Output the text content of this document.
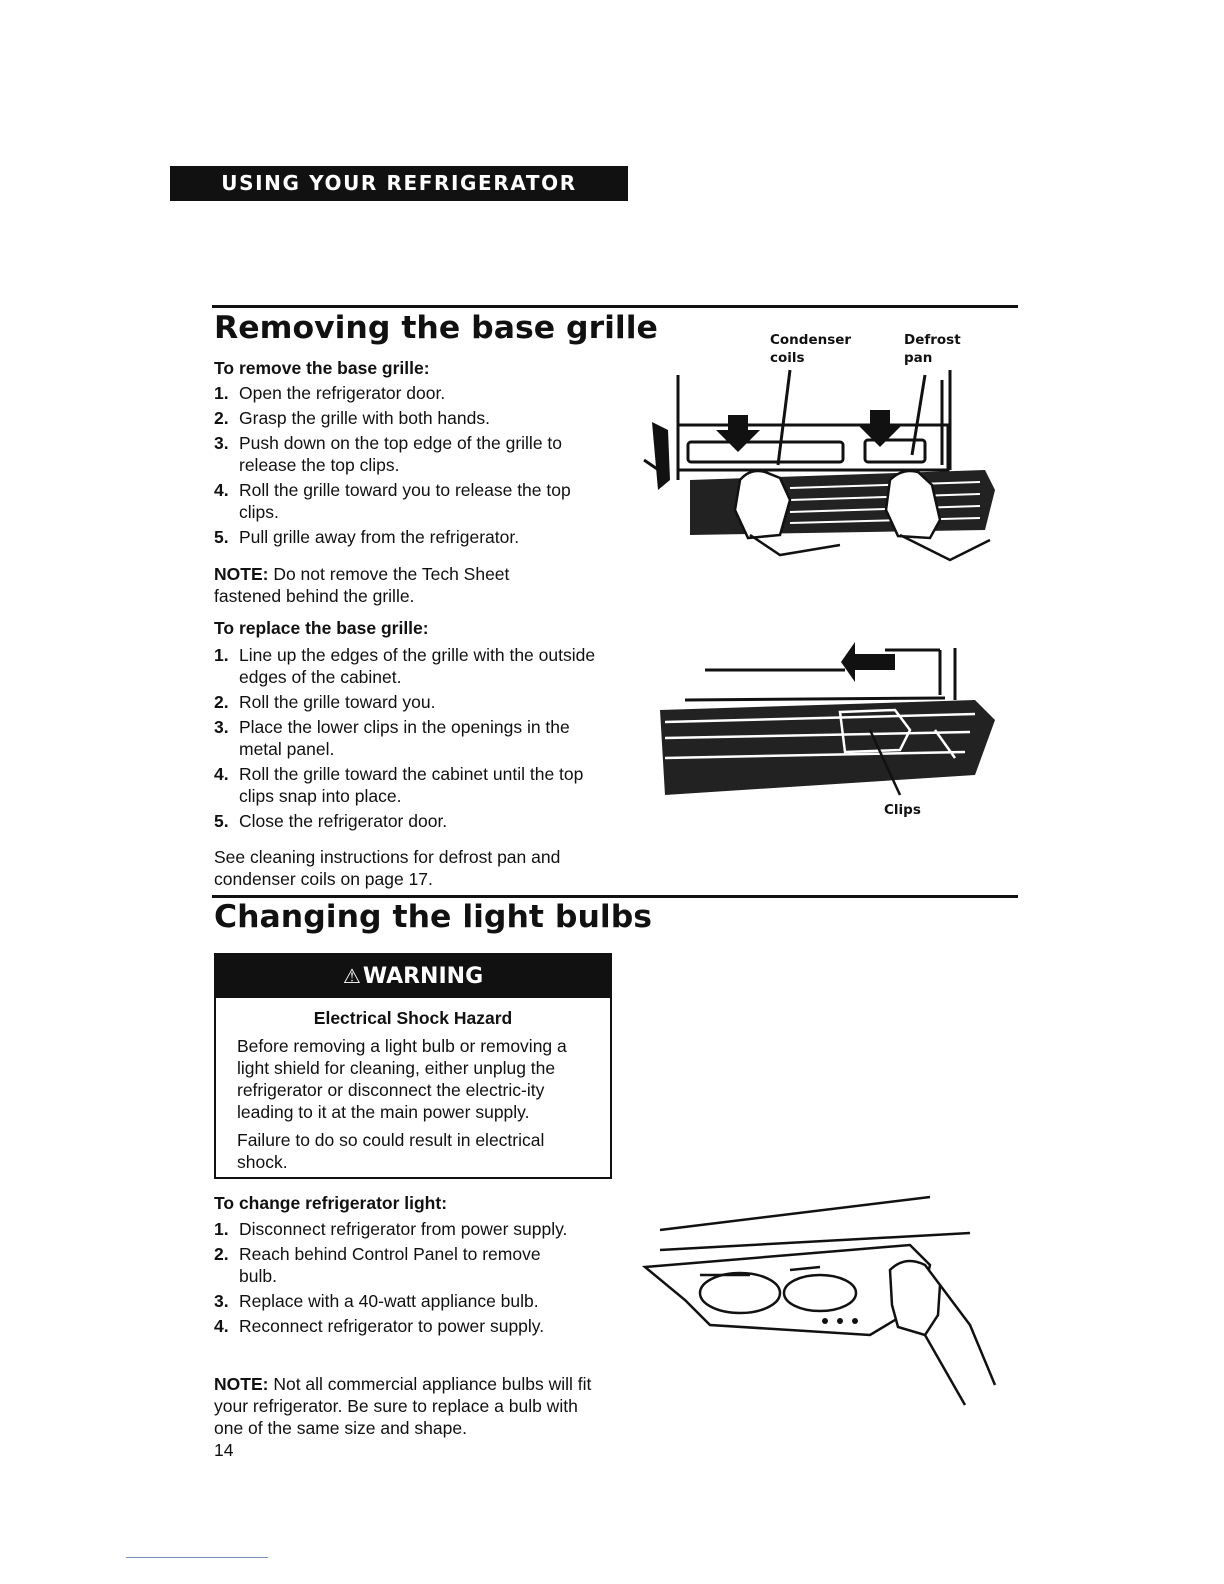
USING YOUR REFRIGERATOR
Removing the base grille
To remove the base grille:
1. Open the refrigerator door.
2. Grasp the grille with both hands.
3. Push down on the top edge of the grille to release the top clips.
4. Roll the grille toward you to release the top clips.
5. Pull grille away from the refrigerator.
NOTE: Do not remove the Tech Sheet fastened behind the grille.
To replace the base grille:
1. Line up the edges of the grille with the outside edges of the cabinet.
2. Roll the grille toward you.
3. Place the lower clips in the openings in the metal panel.
4. Roll the grille toward the cabinet until the top clips snap into place.
5. Close the refrigerator door.
See cleaning instructions for defrost pan and condenser coils on page 17.
Condenser
coils
Defrost
pan
Clips
Changing the light bulbs
⚠WARNING
Electrical Shock Hazard

Before removing a light bulb or removing a light shield for cleaning, either unplug the refrigerator or disconnect the electric-ity leading to it at the main power supply.

Failure to do so could result in electrical shock.

To change refrigerator light:
1. Disconnect refrigerator from power supply.
2. Reach behind Control Panel to remove bulb.
3. Replace with a 40-watt appliance bulb.
4. Reconnect refrigerator to power supply.
NOTE: Not all commercial appliance bulbs will fit your refrigerator. Be sure to replace a bulb with one of the same size and shape.
14
